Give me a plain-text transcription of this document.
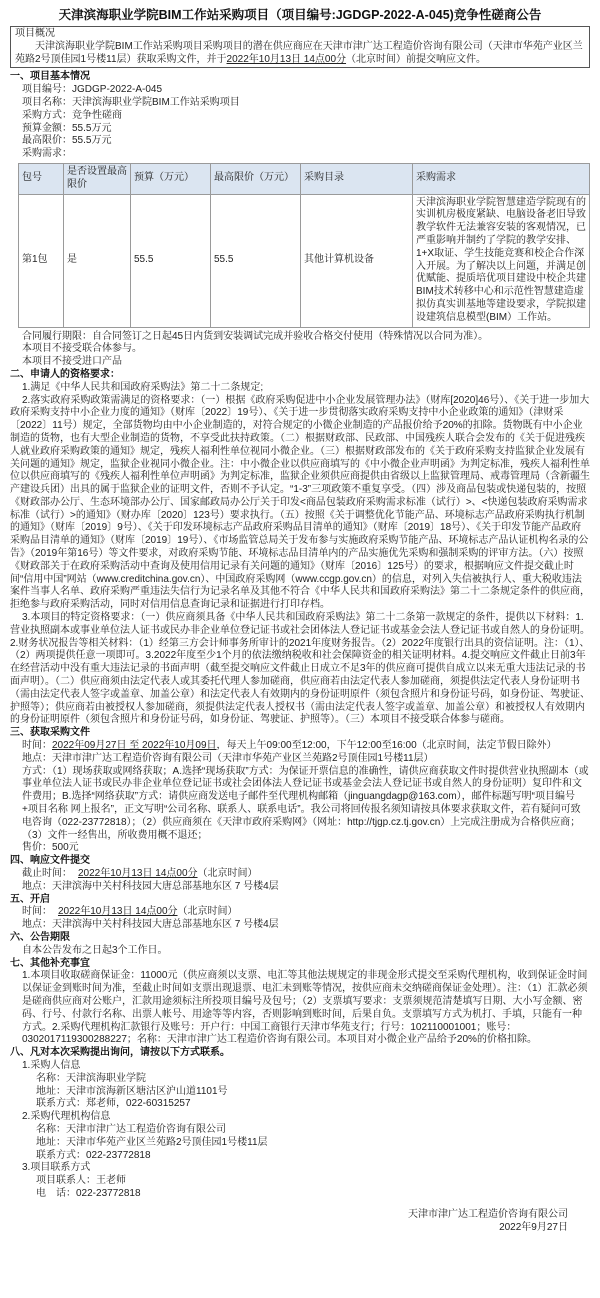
天津滨海职业学院BIM工作站采购项目（项目编号:JGDGP-2022-A-045)竞争性磋商公告
项目概况
天津滨海职业学院BIM工作站采购项目采购项目的潜在供应商应在天津市津广达工程造价咨询有限公司（天津市华苑产业区兰苑路2号顶佳园1号楼11层）获取采购文件，并于2022年10月13日 14点00分（北京时间）前提交响应文件。
一、项目基本情况
项目编号：JGDGP-2022-A-045
项目名称：天津滨海职业学院BIM工作站采购项目
采购方式：竞争性磋商
预算金额：55.5万元
最高限价：55.5万元
采购需求：
包号	是否设置最高限价	预算（万元）	最高限价（万元）	采购目录	采购需求
第1包	是	55.5	55.5	其他计算机设备	天津滨海职业学院智慧建造学院现有的实训机房极度紧缺、电脑设备老旧导致教学软件无法兼容安装的客观情况，已严重影响并制约了学院的教学安排、1+X取证、学生技能竞赛和校企合作深入开展。为了解决以上问题，并满足创优赋能、提质培优项目建设中校企共建BIM技术转移中心和示范性智慧建造虚拟仿真实训基地等建设要求，学院拟建设建筑信息模型(BIM）工作站。
合同履行期限：自合同签订之日起45日内货到安装调试完成并验收合格交付使用（特殊情况以合同为准）。
本项目不接受联合体参与。
本项目不接受进口产品
二、申请人的资格要求：
1.满足《中华人民共和国政府采购法》第二十二条规定;
2.落实政府采购政策需满足的资格要求：（一）根据《政府采购促进中小企业发展管理办法》（财库[2020]46号）、《关于进一步加大政府采购支持中小企业力度的通知》（财库〔2022〕19号）、《关于进一步贯彻落实政府采购支持中小企业政策的通知》（津财采〔2022〕11号）规定，全部货物均由中小企业制造的，对符合规定的小微企业制造的产品报价给予20%的扣除。货物既有中小企业制造的货物，也有大型企业制造的货物，不享受此扶持政策。（二）根据财政部、民政部、中国残疾人联合会发布的《关于促进残疾人就业政府采购政策的通知》规定，残疾人福利性单位视同小微企业。（三）根据财政部发布的《关于政府采购支持监狱企业发展有关问题的通知》规定，监狱企业视同小微企业。注：中小微企业以供应商填写的《中小微企业声明函》为判定标准，残疾人福利性单位以供应商填写的《残疾人福利性单位声明函》为判定标准，监狱企业须供应商提供由省级以上监狱管理局、戒毒管理局（含新疆生产建设兵团）出具的属于监狱企业的证明文件，否则不予认定。“1-3”三项政策不重复享受。（四）涉及商品包装或快递包装的，按照《财政部办公厅、生态环境部办公厅、国家邮政局办公厅关于印发<商品包装政府采购需求标准（试行）>、<快递包装政府采购需求标准（试行）>的通知》（财办库〔2020〕123号）要求执行。（五）按照《关于调整优化节能产品、环境标志产品政府采购执行机制的通知》（财库〔2019〕9号）、《关于印发环境标志产品政府采购品目清单的通知》（财库〔2019〕18号）、《关于印发节能产品政府采购品目清单的通知》（财库〔2019〕19号）、《市场监管总局关于发布参与实施政府采购节能产品、环境标志产品认证机构名录的公告》（2019年第16号）等文件要求，对政府采购节能、环境标志品目清单内的产品实施优先采购和强制采购的评审方法。（六）按照《财政部关于在政府采购活动中查询及使用信用记录有关问题的通知》（财库〔2016〕125号）的要求，根据响应文件提交截止时间“信用中国”网站（www.creditchina.gov.cn）、中国政府采购网（www.ccgp.gov.cn）的信息，对列入失信被执行人、重大税收违法案件当事人名单、政府采购严重违法失信行为记录名单及其他不符合《中华人民共和国政府采购法》第二十二条规定条件的供应商，拒绝参与政府采购活动，同时对信用信息查询记录和证据进行打印存档。
3.本项目的特定资格要求：（一）供应商须具备《中华人民共和国政府采购法》第二十二条第一款规定的条件，提供以下材料：1.营业执照副本或事业单位法人证书或民办非企业单位登记证书或社会团体法人登记证书或基金会法人登记证书或自然人的身份证明。2.财务状况报告等相关材料：（1）经第三方会计师事务所审计的2021年度财务报告。（2）2022年度银行出具的资信证明。注：（1）、（2）两项提供任意一项即可。3.2022年度至少1个月的依法缴纳税收和社会保障资金的相关证明材料。4.提交响应文件截止日前3年在经营活动中没有重大违法记录的书面声明（截至提交响应文件截止日成立不足3年的供应商可提供自成立以来无重大违法记录的书面声明）。（二）供应商须由法定代表人或其委托代理人参加磋商，供应商若由法定代表人参加磋商，须提供法定代表人身份证明书（需由法定代表人签字或盖章、加盖公章）和法定代表人有效期内的身份证明原件（须包含照片和身份证号码，如身份证、驾驶证、护照等）；供应商若由被授权人参加磋商，须提供法定代表人授权书（需由法定代表人签字或盖章、加盖公章）和被授权人有效期内的身份证明原件（须包含照片和身份证号码，如身份证、驾驶证、护照等）。（三）本项目不接受联合体参与磋商。
三、获取采购文件
时间：2022年09月27日 至 2022年10月09日，每天上午09:00至12:00，下午12:00至16:00（北京时间，法定节假日除外）
地点：天津市津广达工程造价咨询有限公司（天津市华苑产业区兰苑路2号顶佳园1号楼11层）
方式：（1）现场获取或网络获取；A.选择“现场获取”方式：为保证开票信息的准确性，请供应商获取文件时提供营业执照副本（或事业单位法人证书或民办非企业单位登记证书或社会团体法人登记证书或基金会法人登记证书或自然人的身份证明）复印件和文件费用；B.选择“网络获取”方式：请供应商发送电子邮件至代理机构邮箱（jinguangdagp@163.com），邮件标题写明“项目编号+项目名称 网上报名”，正文写明“公司名称、联系人、联系电话”。我公司将回传报名须知请按具体要求获取文件，若有疑问可致电咨询（022-23772818）；（2）供应商须在《天津市政府采购网》（网址：http://tjgp.cz.tj.gov.cn）上完成注册成为合格供应商；（3）文件一经售出，所收费用概不退还；
售价：500元
四、响应文件提交
截止时间： 2022年10月13日 14点00分（北京时间）
地点：天津滨海中关村科技园大唐总部基地东区 7 号楼4层
五、开启
时间： 2022年10月13日 14点00分（北京时间）
地点：天津滨海中关村科技园大唐总部基地东区 7 号楼4层
六、公告期限
自本公告发布之日起3个工作日。
七、其他补充事宜
1.本项目收取磋商保证金：11000元（供应商须以支票、电汇等其他法规规定的非现金形式提交至采购代理机构，收到保证金时间以保证金到账时间为准，至截止时间如支票出现退票、电汇未到账等情况，按供应商未交纳磋商保证金处理）。注：（1）汇款必须是磋商供应商对公账户，汇款用途须标注所投项目编号及包号；（2）支票填写要求：支票须规范清楚填写日期、大小写金额、密码、行号、付款行名称、出票人帐号、用途等等内容，否则影响到账时间，后果自负。支票填写方式为机打、手填，只能有一种方式。2.采购代理机构汇款银行及账号：开户行：中国工商银行天津市华苑支行；行号：102110001001；账号：0302017119300288227；名称：天津市津广达工程造价咨询有限公司。本项目对小微企业产品给予20%的价格扣除。
八、凡对本次采购提出询问，请按以下方式联系。
1.采购人信息
名称：天津滨海职业学院
地址：天津市滨海新区塘沽区沪山道1101号
联系方式：郑老师，022-60315257
2.采购代理机构信息
名称：天津市津广达工程造价咨询有限公司
地址：天津市华苑产业区兰苑路2号顶佳园1号楼11层
联系方式：022-23772818
3.项目联系方式
项目联系人：王老师
电　话：022-23772818
天津市津广达工程造价咨询有限公司
2022年9月27日
